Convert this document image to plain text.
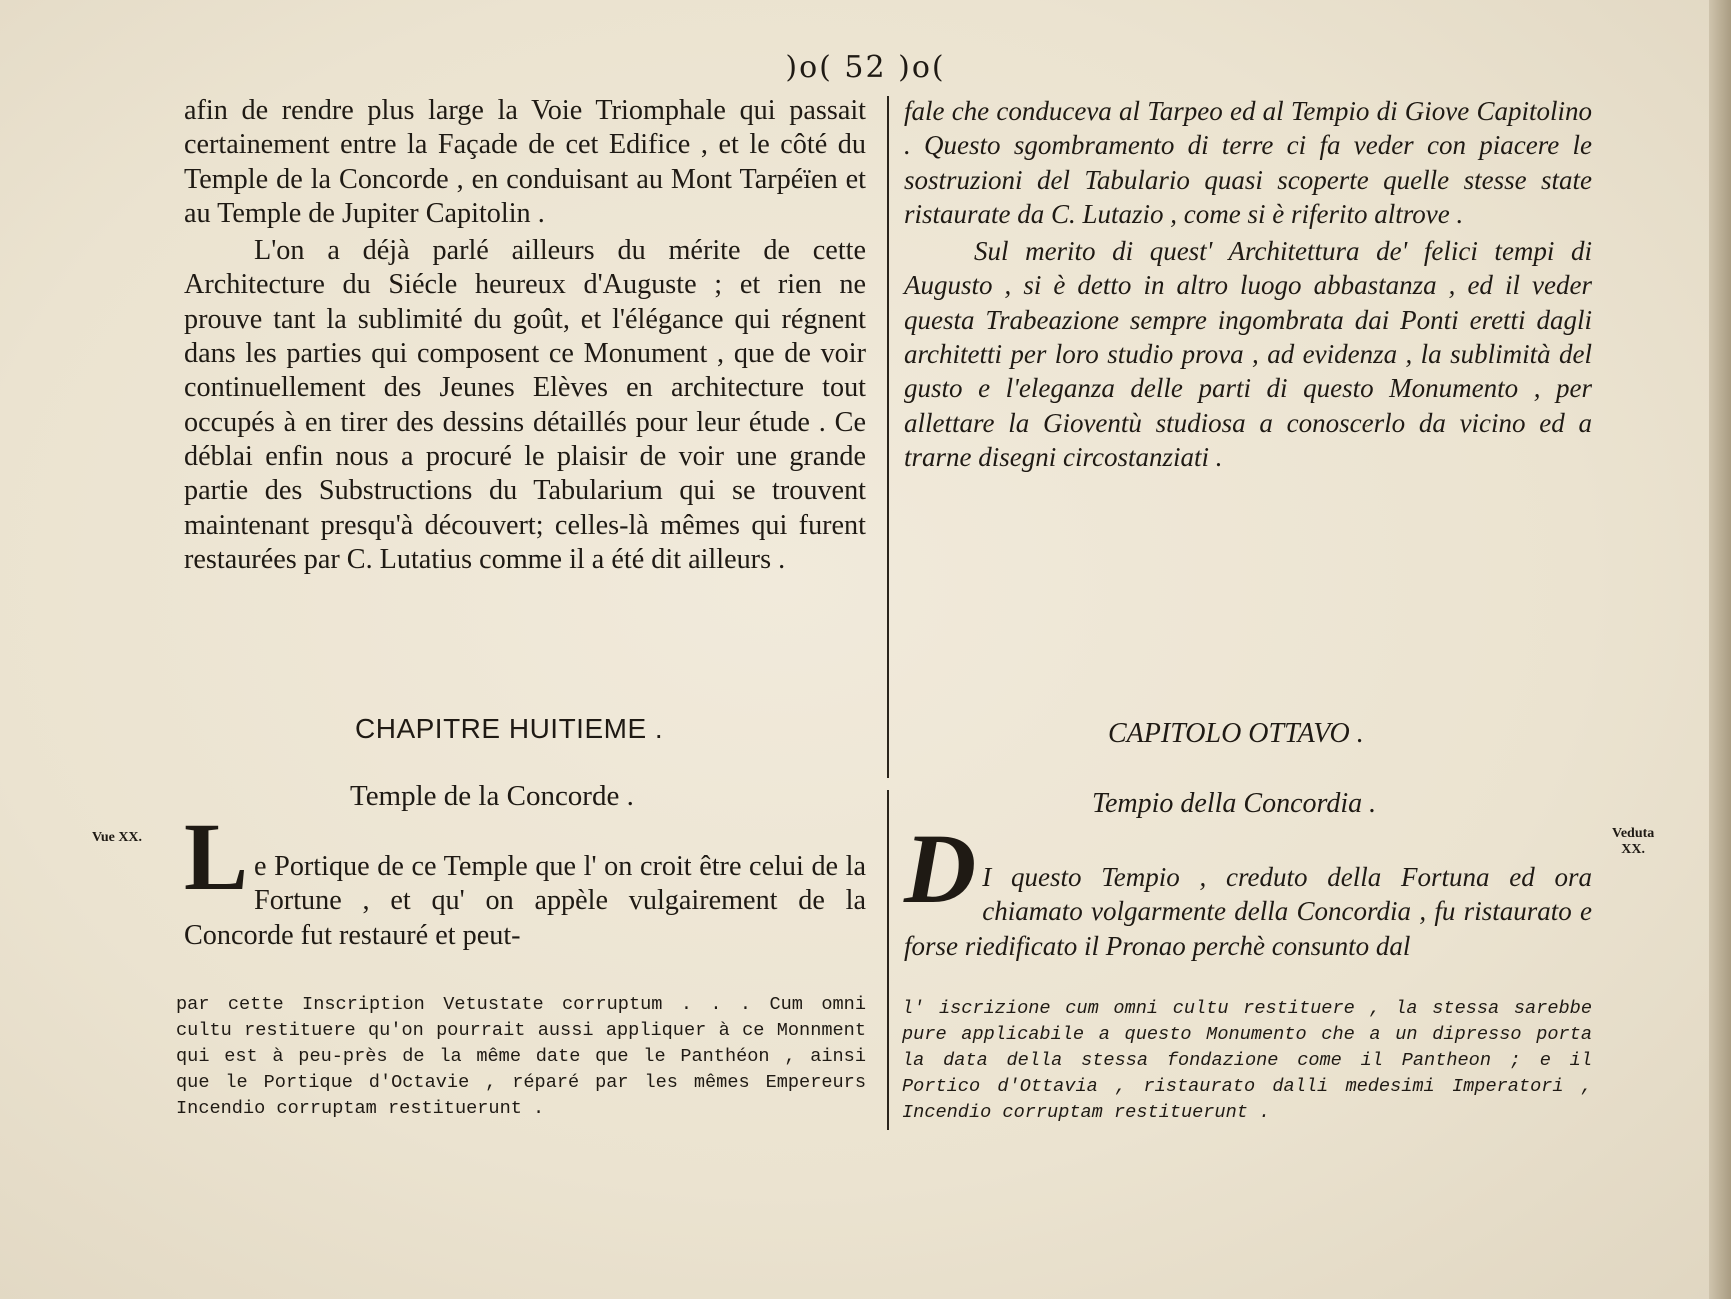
)o( 52 )o(

afin de rendre plus large la Voie Triomphale qui passait certainement entre la Façade de cet Edifice , et le côté du Temple de la Concorde , en conduisant au Mont Tarpéïen et au Temple de Jupiter Capitolin .

L'on a déjà parlé ailleurs du mérite de cette Architecture du Siécle heureux d'Auguste ; et rien ne prouve tant la sublimité du goût, et l'élégance qui régnent dans les parties qui composent ce Monument , que de voir continuellement des Jeunes Elèves en architecture tout occupés à en tirer des dessins détaillés pour leur étude . Ce déblai enfin nous a procuré le plaisir de voir une grande partie des Substructions du Tabularium qui se trouvent maintenant presqu'à découvert; celles-là mêmes qui furent restaurées par C. Lutatius comme il a été dit ailleurs .

CHAPITRE HUITIEME .
Temple de la Concorde .
L e Portique de ce Temple que l' on croit être celui de la Fortune , et qu' on appèle vulgairement de la Concorde fut restauré et peut-

par cette Inscription Vetustate corruptum . . . Cum omni cultu restituere qu'on pourrait aussi appliquer à ce Monnment qui est à peu-près de la même date que le Panthéon , ainsi que le Portique d'Octavie , réparé par les mêmes Empereurs Incendio corruptam restituerunt .

fale che conduceva al Tarpeo ed al Tempio di Giove Capitolino . Questo sgombramento di terre ci fa veder con piacere le sostruzioni del Tabulario quasi scoperte quelle stesse state ristaurate da C. Lutazio , come si è riferito altrove .

Sul merito di quest' Architettura de' felici tempi di Augusto , si è detto in altro luogo abbastanza , ed il veder questa Trabeazione sempre ingombrata dai Ponti eretti dagli architetti per loro studio prova , ad evidenza , la sublimità del gusto e l'eleganza delle parti di questo Monumento , per allettare la Gioventù studiosa a conoscerlo da vicino ed a trarne disegni circostanziati .

CAPITOLO OTTAVO .
Tempio della Concordia .
D I questo Tempio , creduto della Fortuna ed ora chiamato volgarmente della Concordia , fu ristaurato e forse riedificato il Pronao perchè consunto dal

l' iscrizione cum omni cultu restituere , la stessa sarebbe pure applicabile a questo Monumento che a un dipresso porta la data della stessa fondazione come il Pantheon ; e il Portico d'Ottavia , ristaurato dalli medesimi Imperatori , Incendio corruptam restituerunt .

Vue XX.	Veduta
XX.
